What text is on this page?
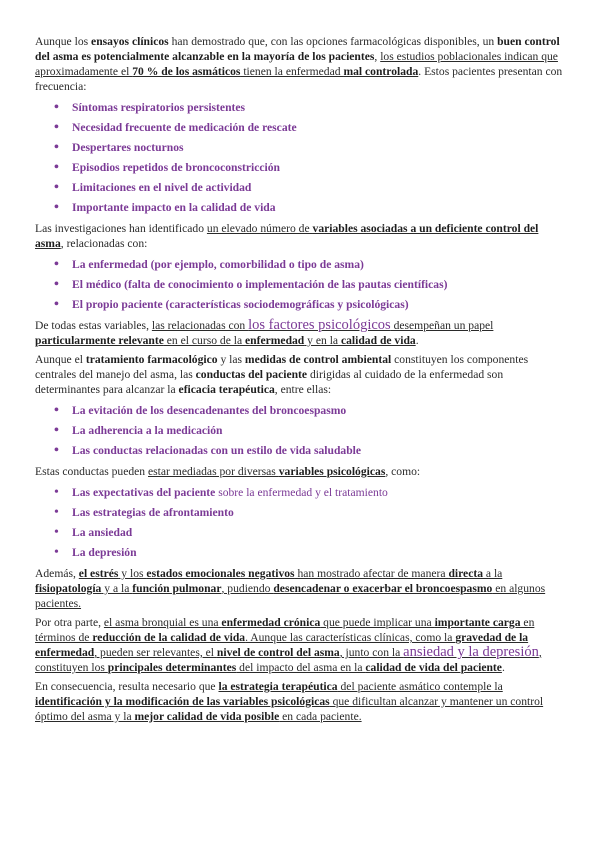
Aunque los ensayos clínicos han demostrado que, con las opciones farmacológicas disponibles, un buen control del asma es potencialmente alcanzable en la mayoría de los pacientes, los estudios poblacionales indican que aproximadamente el 70 % de los asmáticos tienen la enfermedad mal controlada. Estos pacientes presentan con frecuencia:

• Síntomas respiratorios persistentes
• Necesidad frecuente de medicación de rescate
• Despertares nocturnos
• Episodios repetidos de broncoconstricción
• Limitaciones en el nivel de actividad
• Importante impacto en la calidad de vida

Las investigaciones han identificado un elevado número de variables asociadas a un deficiente control del asma, relacionadas con:

• La enfermedad (por ejemplo, comorbilidad o tipo de asma)
• El médico (falta de conocimiento o implementación de las pautas científicas)
• El propio paciente (características sociodemográficas y psicológicas)

De todas estas variables, las relacionadas con los factores psicológicos desempeñan un papel particularmente relevante en el curso de la enfermedad y en la calidad de vida.

Aunque el tratamiento farmacológico y las medidas de control ambiental constituyen los componentes centrales del manejo del asma, las conductas del paciente dirigidas al cuidado de la enfermedad son determinantes para alcanzar la eficacia terapéutica, entre ellas:

• La evitación de los desencadenantes del broncoespasmo
• La adherencia a la medicación
• Las conductas relacionadas con un estilo de vida saludable

Estas conductas pueden estar mediadas por diversas variables psicológicas, como:

• Las expectativas del paciente sobre la enfermedad y el tratamiento
• Las estrategias de afrontamiento
• La ansiedad
• La depresión

Además, el estrés y los estados emocionales negativos han mostrado afectar de manera directa a la fisiopatología y a la función pulmonar, pudiendo desencadenar o exacerbar el broncoespasmo en algunos pacientes.

Por otra parte, el asma bronquial es una enfermedad crónica que puede implicar una importante carga en términos de reducción de la calidad de vida. Aunque las características clínicas, como la gravedad de la enfermedad, pueden ser relevantes, el nivel de control del asma, junto con la ansiedad y la depresión, constituyen los principales determinantes del impacto del asma en la calidad de vida del paciente.

En consecuencia, resulta necesario que la estrategia terapéutica del paciente asmático contemple la identificación y la modificación de las variables psicológicas que dificultan alcanzar y mantener un control óptimo del asma y la mejor calidad de vida posible en cada paciente.
